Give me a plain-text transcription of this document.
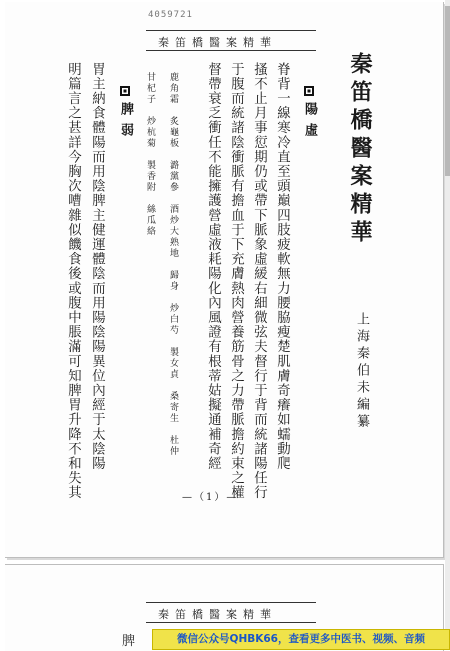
4059721
秦笛橋醫案精華
秦笛橋醫案精華
上海秦伯未編纂
陽虛
脊背一線寒冷直至頭巔四肢疲軟無力腰脇瘦楚肌膚奇癢如蠕動爬
搔不止月事愆期仍或帶下脈象虛緩右細微弦夫督行于背而統諸陽任行
于腹而統諸陰衝脈有擔血于下充膚熱肉營養筋骨之力帶脈擔約束之權
督帶衰乏衝任不能擁護營虛液耗陽化內風證有根蒂姑擬通補奇經
鹿角霜　炙龜板　潞黨參　酒炒大熟地　歸身　炒白芍　製女貞　桑寄生　杜仲
甘杞子　炒杭菊　製香附　絲瓜絡
脾弱
胃主納食體陽而用陰脾主健運體陰而用陽陰陽異位內經于太陰陽
明篇言之甚詳今胸次嘈雜似饑食後或腹中脹滿可知脾胃升降不和失其	—（1）—
秦笛橋醫案精華
脾	微信公众号QHBK66，查看更多中医书、视频、音频
